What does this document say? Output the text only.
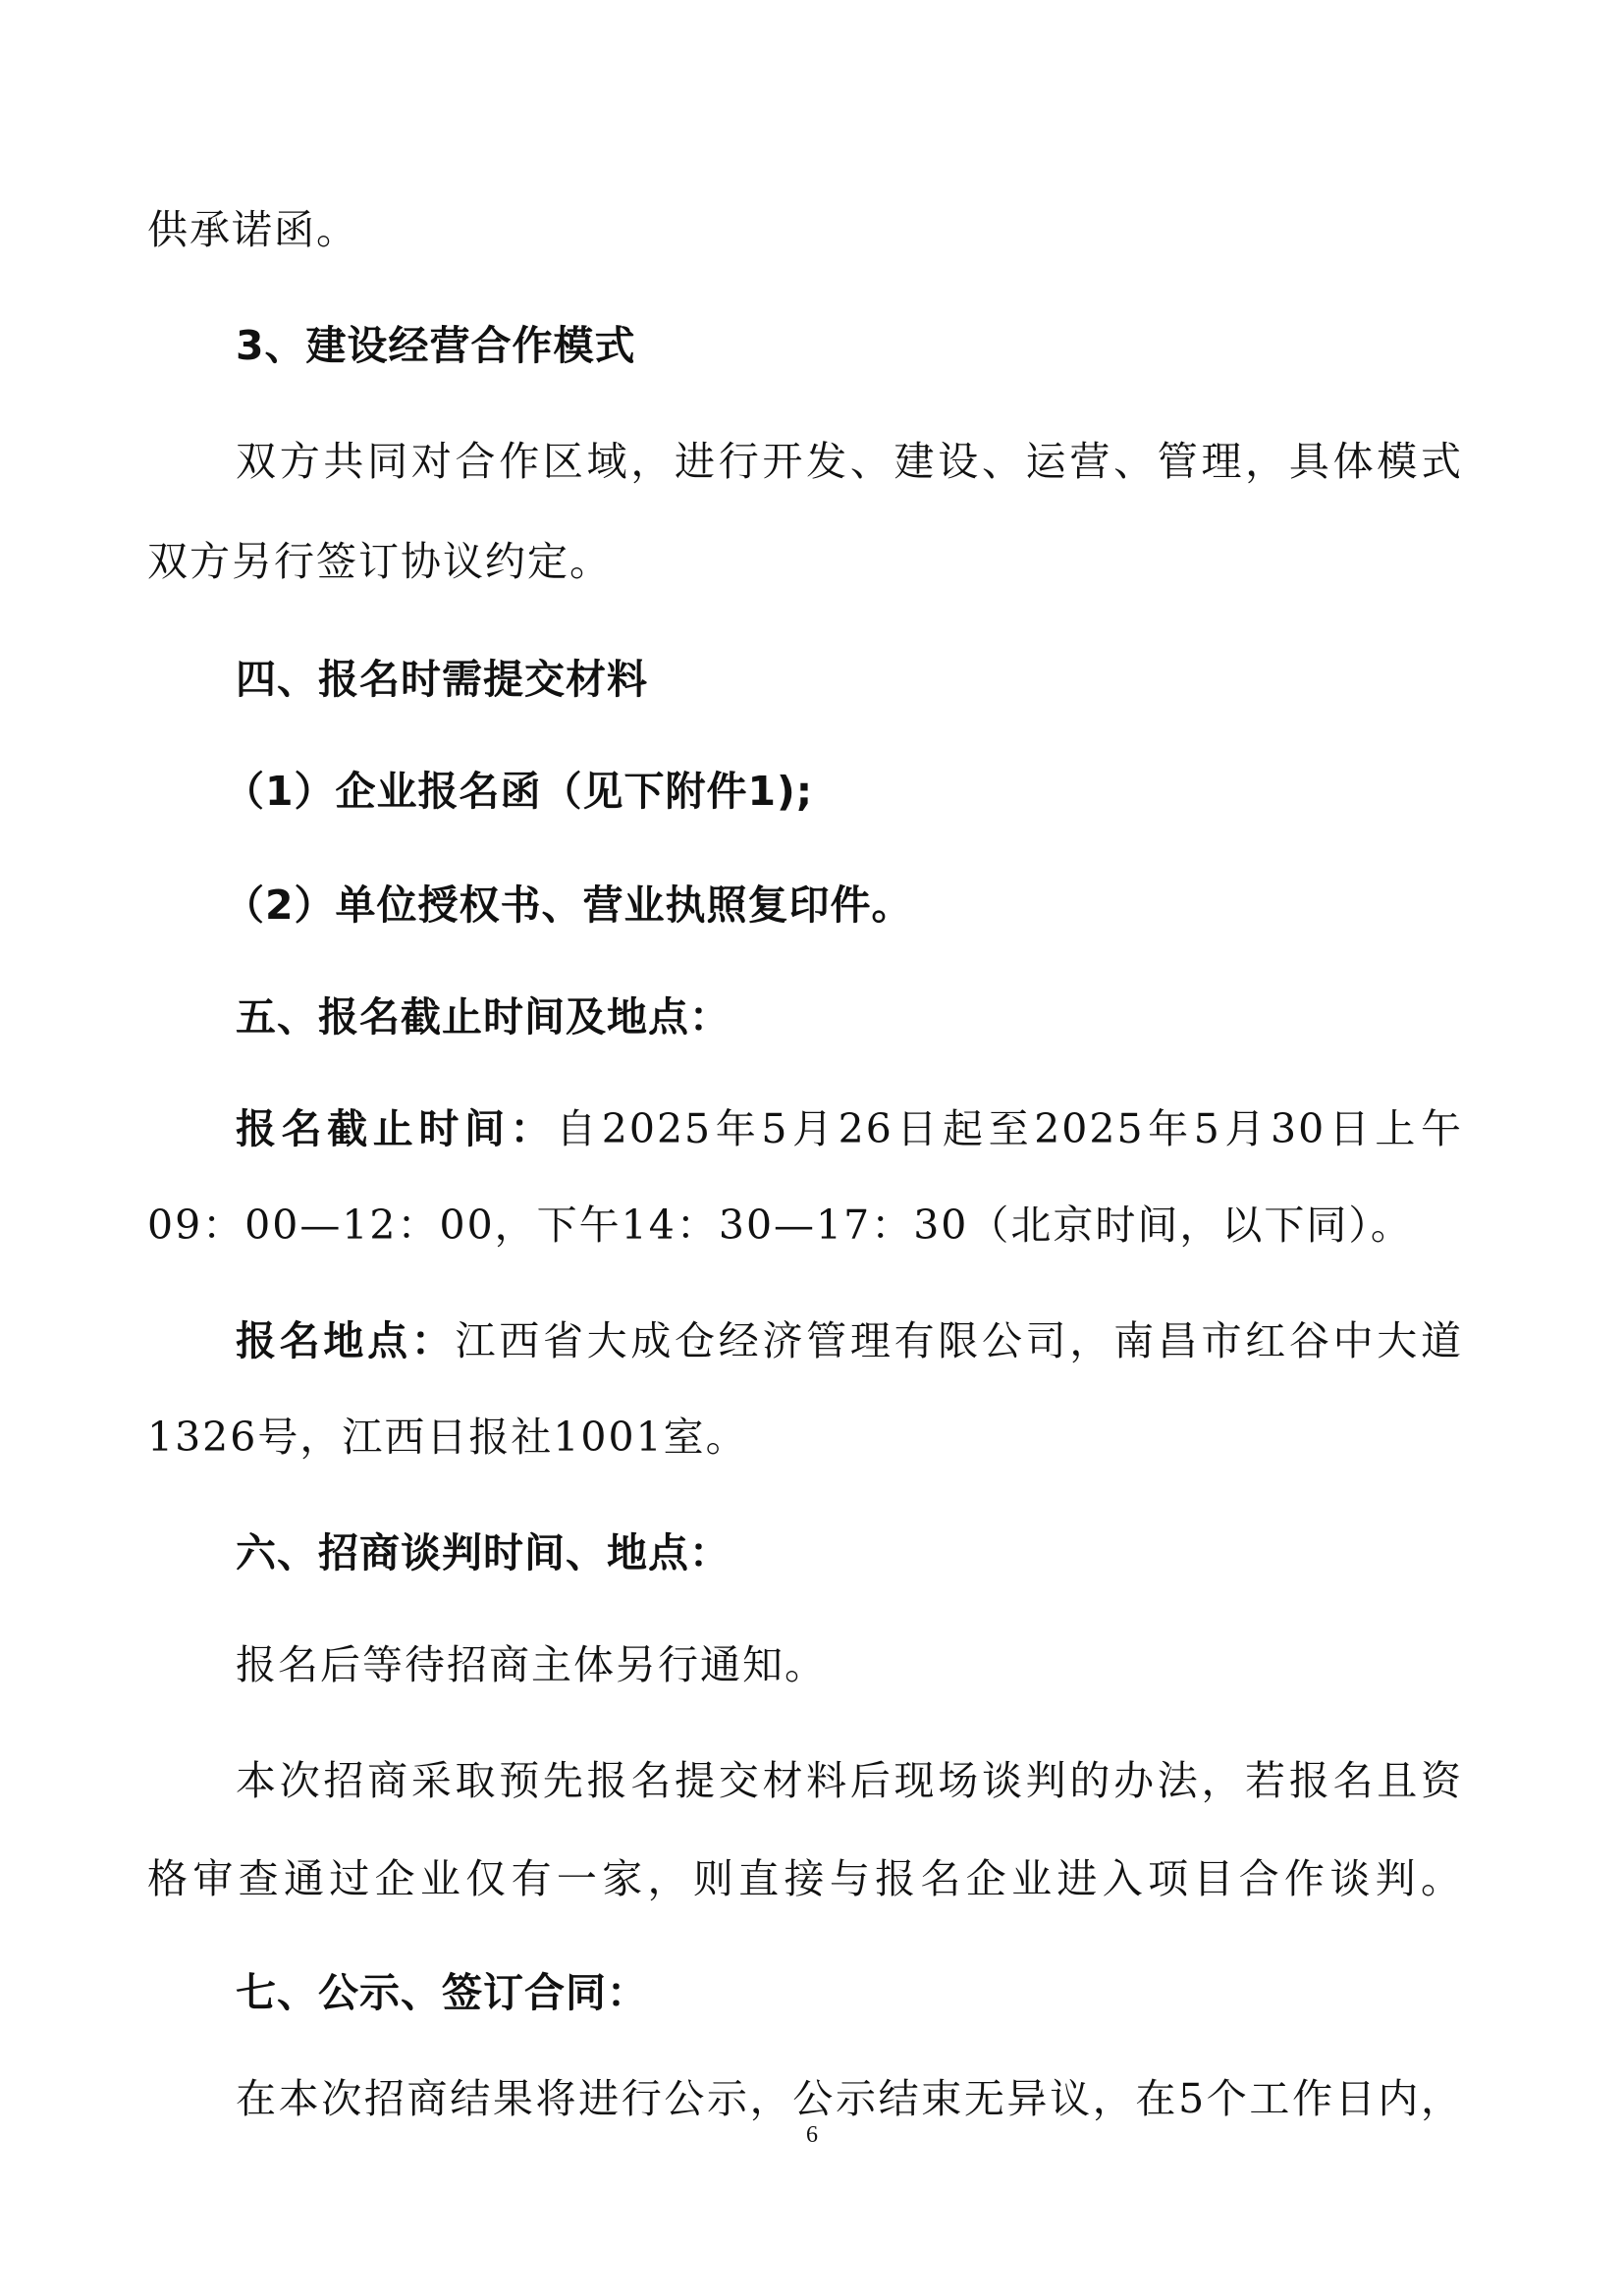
供承诺函。
3、建设经营合作模式
双方共同对合作区域，进行开发、建设、运营、管理，具体模式
双方另行签订协议约定。
四、报名时需提交材料
（1）企业报名函（见下附件1);
（2）单位授权书、营业执照复印件。
五、报名截止时间及地点：
报名截止时间：自2025年5月26日起至2025年5月30日上午
09：00—12：00，下午14：30—17：30（北京时间，以下同）。
报名地点：江西省大成仓经济管理有限公司，南昌市红谷中大道
1326号，江西日报社1001室。
六、招商谈判时间、地点：
报名后等待招商主体另行通知。
本次招商采取预先报名提交材料后现场谈判的办法，若报名且资
格审查通过企业仅有一家，则直接与报名企业进入项目合作谈判。
七、公示、签订合同：
在本次招商结果将进行公示，公示结束无异议，在5个工作日内，
6
